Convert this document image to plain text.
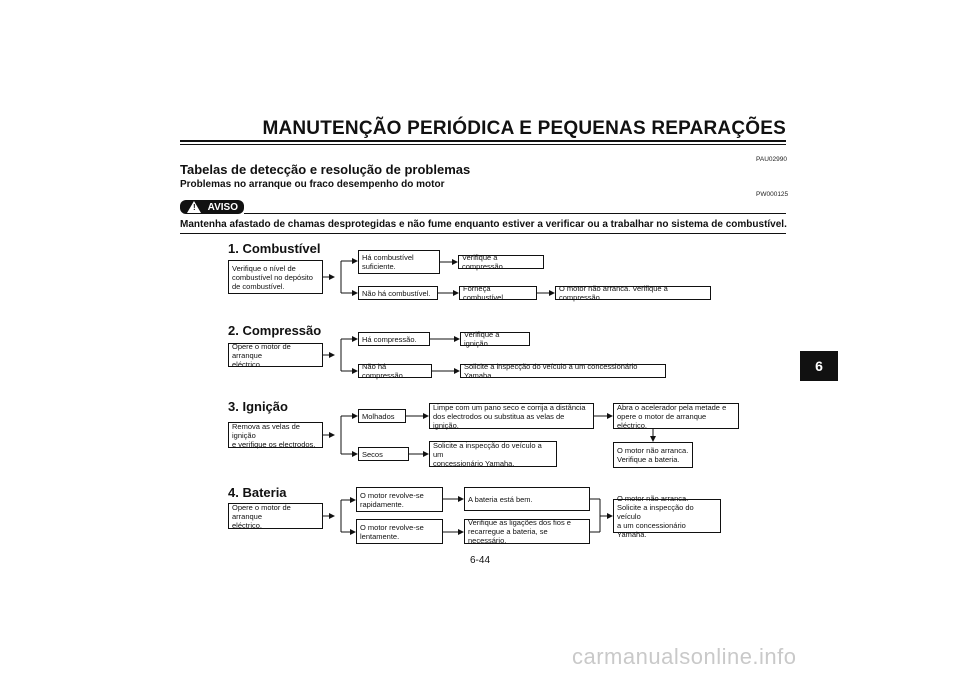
MANUTENÇÃO PERIÓDICA E PEQUENAS REPARAÇÕES
PAU02990
Tabelas de detecção e resolução de problemas
Problemas no arranque ou fraco desempenho do motor
PW000125
! AVISO
Mantenha afastado de chamas desprotegidas e não fume enquanto estiver a verificar ou a trabalhar no sistema de combustível.
1. Combustível
Verifique o nível de
combustível no depósito
de combustível.
Há combustível
suficiente.
Verifique a compressão.
Não há combustível.	Forneça combustível.
O motor não arranca. Verifique a compressão.
2. Compressão
Opere o motor de arranque
eléctrico.
Há compressão.	Verifique a ignição.
Não há compressão.
Solicite a inspecção do veículo a um concessionário Yamaha.
3. Ignição
Remova as velas de ignição
e verifique os electrodos.
Molhados
Limpe com um pano seco e corrija a distância
dos electrodos ou substitua as velas de ignição.
Abra o acelerador pela metade e
opere o motor de arranque eléctrico.
Secos
Solicite a inspecção do veículo a um
concessionário Yamaha.
O motor não arranca.
Verifique a bateria.
4. Bateria
Opere o motor de arranque
eléctrico.
O motor revolve-se
rapidamente.
A bateria está bem.
O motor revolve-se
lentamente.
Verifique as ligações dos fios e
recarregue a bateria, se necessário.
O motor não arranca.
Solicite a inspecção do veículo
a um concessionário Yamaha.
6-44
6
carmanualsonline.info
